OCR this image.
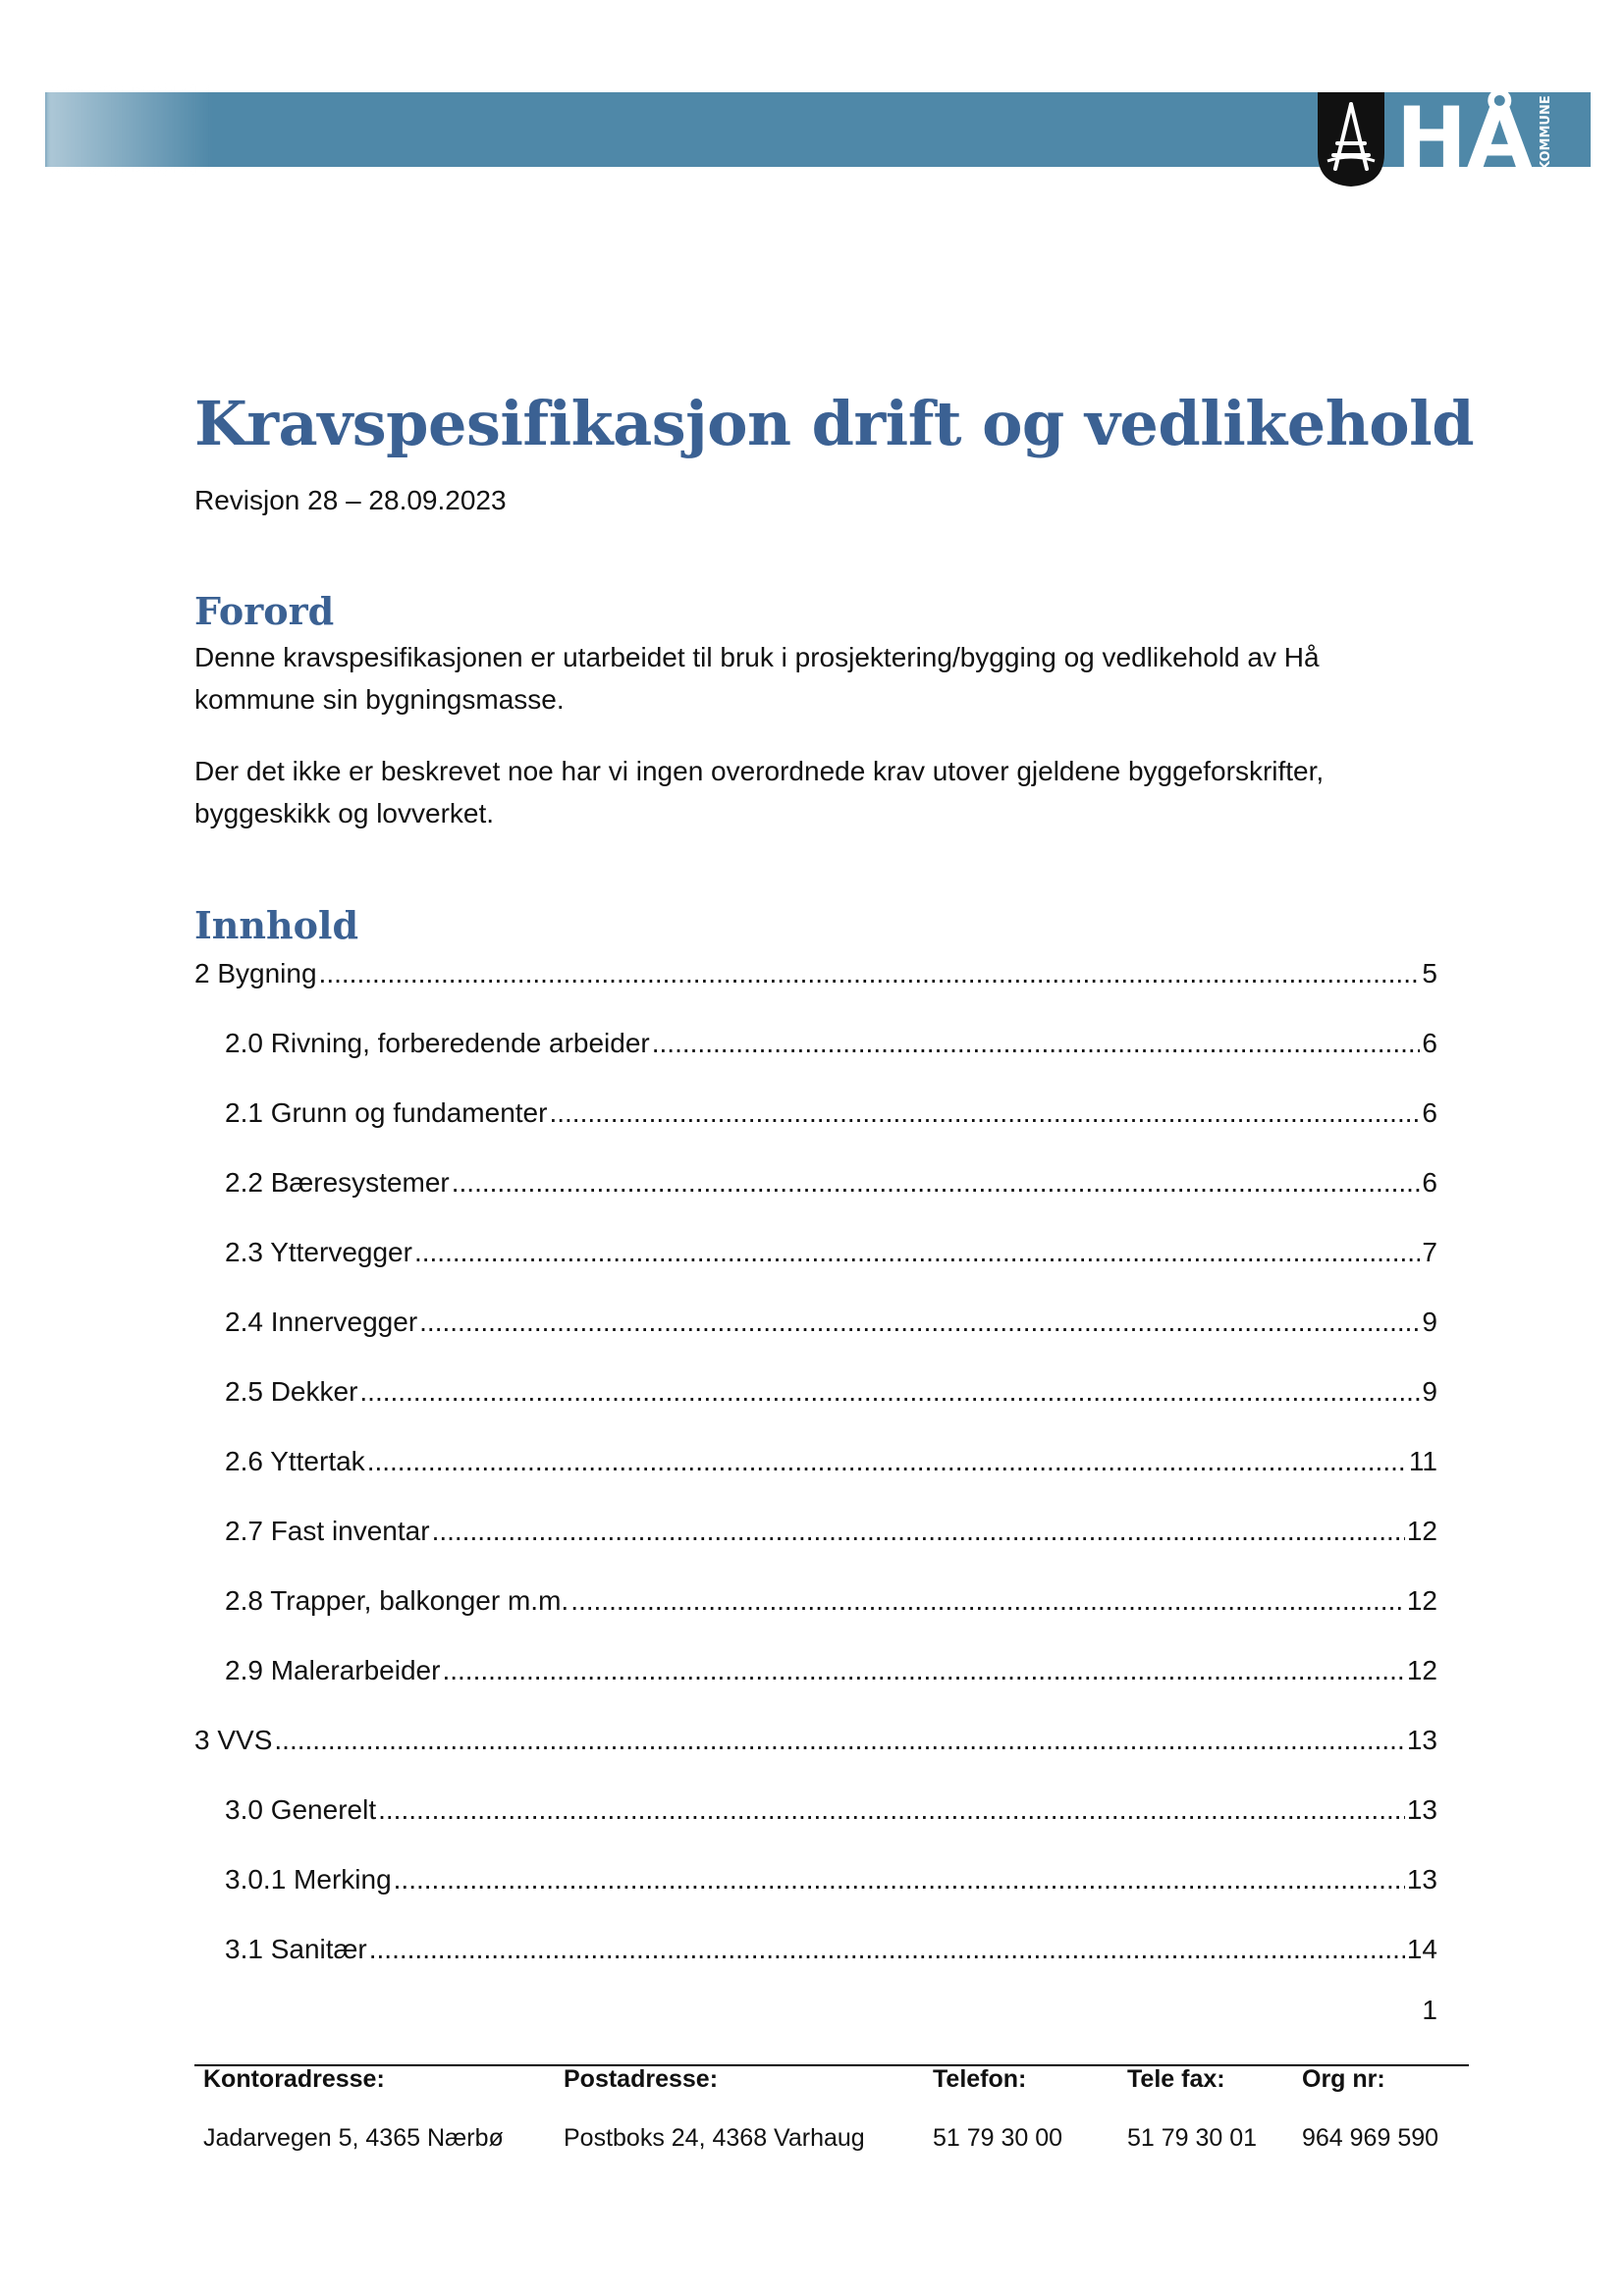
HÅ KOMMUNE
Kravspesifikasjon drift og vedlikehold
Revisjon 28 – 28.09.2023
Forord

Denne kravspesifikasjonen er utarbeidet til bruk i prosjektering/bygging og vedlikehold av Hå kommune sin bygningsmasse.

Der det ikke er beskrevet noe har vi ingen overordnede krav utover gjeldene byggeforskrifter, byggeskikk og lovverket.

Innhold
2 Bygning .....	5
2.0 Rivning, forberedende arbeider .....	6
2.1 Grunn og fundamenter .....	6
2.2 Bæresystemer .....	6
2.3 Yttervegger .....	7
2.4 Innervegger .....	9
2.5 Dekker .....	9
2.6 Yttertak .....	11
2.7 Fast inventar .....	12
2.8 Trapper, balkonger m.m. .....	12
2.9 Malerarbeider .....	12
3 VVS .....	13
3.0 Generelt .....	13
3.0.1 Merking .....	13
3.1 Sanitær .....	14
1
Kontoradresse:
Jadarvegen 5, 4365 Nærbø
Postadresse:
Postboks 24, 4368 Varhaug
Telefon:
51 79 30 00
Tele fax:
51 79 30 01
Org nr:
964 969 590
